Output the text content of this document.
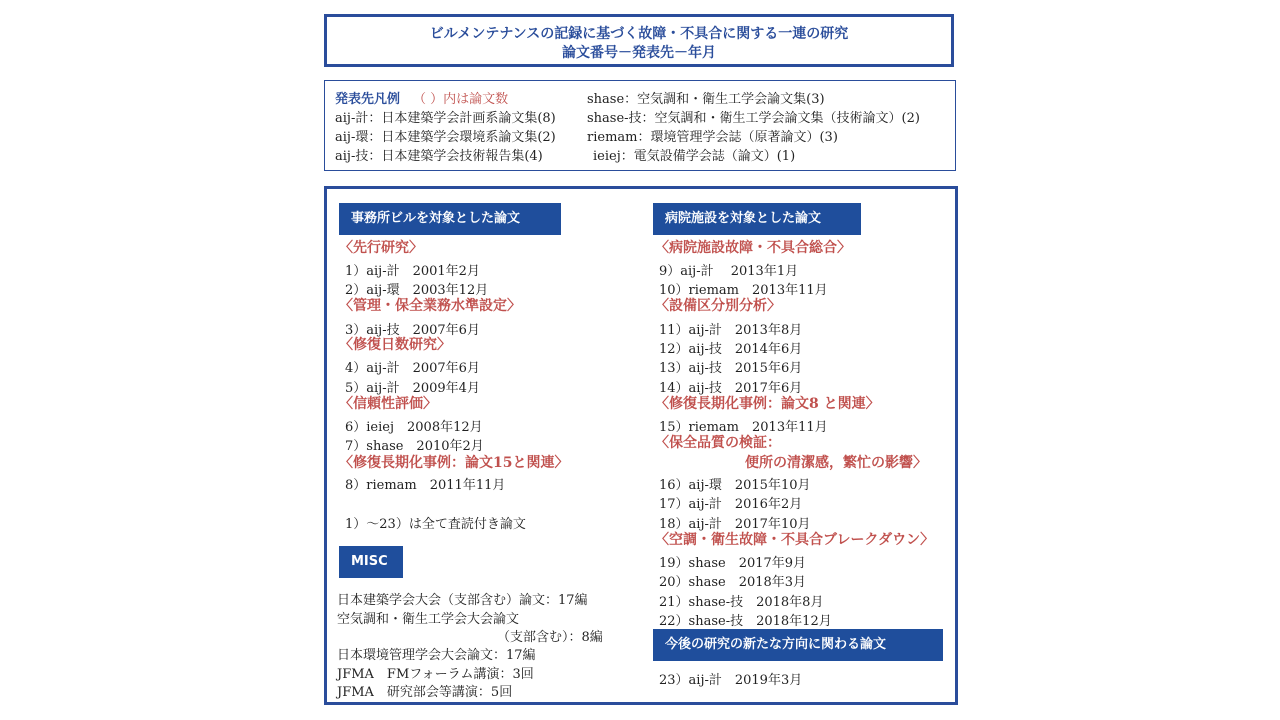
ビルメンテナンスの記録に基づく故障・不具合に関する一連の研究
論文番号－発表先－年月
発表先凡例 （ ）内は論文数
aij-計：日本建築学会計画系論文集(8)
aij-環：日本建築学会環境系論文集(2)
aij-技：日本建築学会技術報告集(4)
shase：空気調和・衛生工学会論文集(3)
shase-技：空気調和・衛生工学会論文集（技術論文）(2)
riemam：環境管理学会誌（原著論文）(3)
ieiej：電気設備学会誌（論文）(1)
事務所ビルを対象とした論文
〈先行研究〉
1）aij-計　2001年2月
2）aij-環　2003年12月
〈管理・保全業務水準設定〉
3）aij-技　2007年6月
〈修復日数研究〉
4）aij-計　2007年6月
5）aij-計　2009年4月
〈信頼性評価〉
6）ieiej　2008年12月
7）shase　2010年2月
〈修復長期化事例：論文15と関連〉
8）riemam　2011年11月
1）～23）は全て査読付き論文
MISC
日本建築学会大会（支部含む）論文：17編
空気調和・衛生工学会大会論文
（支部含む）：8編
日本環境管理学会大会論文：17編
JFMA　FMフォーラム講演：3回
JFMA　研究部会等講演：5回
病院施設を対象とした論文
〈病院施設故障・不具合総合〉
9）aij-計　 2013年1月
10）riemam　2013年11月
〈設備区分別分析〉
11）aij-計　2013年8月
12）aij-技　2014年6月
13）aij-技　2015年6月
14）aij-技　2017年6月
〈修復長期化事例：論文8 と関連〉
15）riemam　2013年11月
〈保全品質の検証：
便所の清潔感，繁忙の影響〉
16）aij-環　2015年10月
17）aij-計　2016年2月
18）aij-計　2017年10月
〈空調・衛生故障・不具合ブレークダウン〉
19）shase　2017年9月
20）shase　2018年3月
21）shase-技　2018年8月
22）shase-技　2018年12月
今後の研究の新たな方向に関わる論文
23）aij-計　2019年3月
